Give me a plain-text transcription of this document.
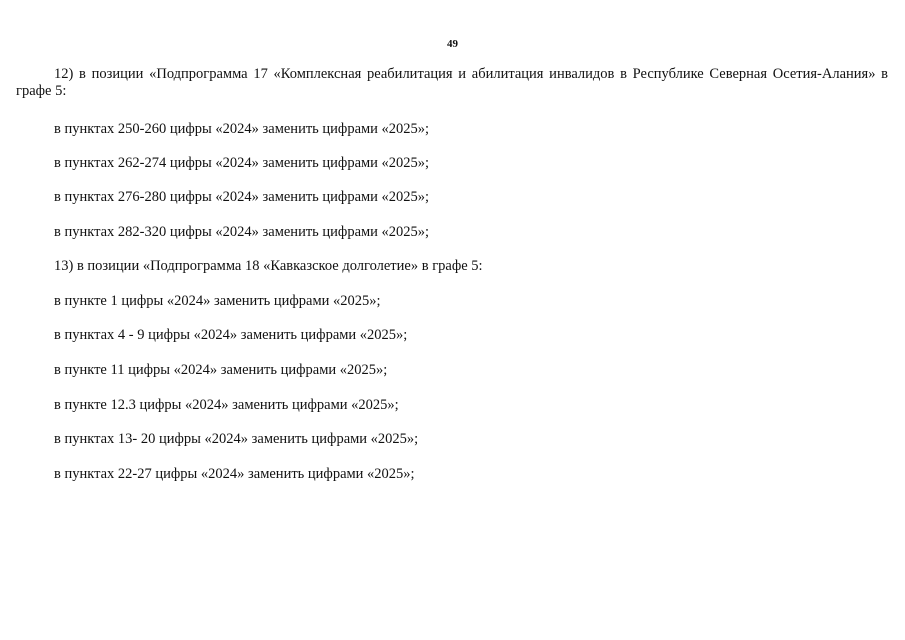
49
12) в позиции «Подпрограмма 17 «Комплексная реабилитация и абилитация инвалидов в Республике Северная Осетия-Алания» в графе 5:
в пунктах 250-260 цифры «2024» заменить цифрами «2025»;
в пунктах 262-274 цифры «2024» заменить цифрами «2025»;
в пунктах 276-280 цифры «2024» заменить цифрами «2025»;
в пунктах 282-320 цифры «2024» заменить цифрами «2025»;
13) в позиции «Подпрограмма 18 «Кавказское долголетие» в графе 5:
в пункте 1 цифры «2024» заменить цифрами «2025»;
в пунктах 4 - 9 цифры «2024» заменить цифрами «2025»;
в пункте 11 цифры «2024» заменить цифрами «2025»;
в пункте 12.3 цифры «2024» заменить цифрами «2025»;
в пунктах 13- 20 цифры «2024» заменить цифрами «2025»;
в пунктах 22-27 цифры «2024» заменить цифрами «2025»;
